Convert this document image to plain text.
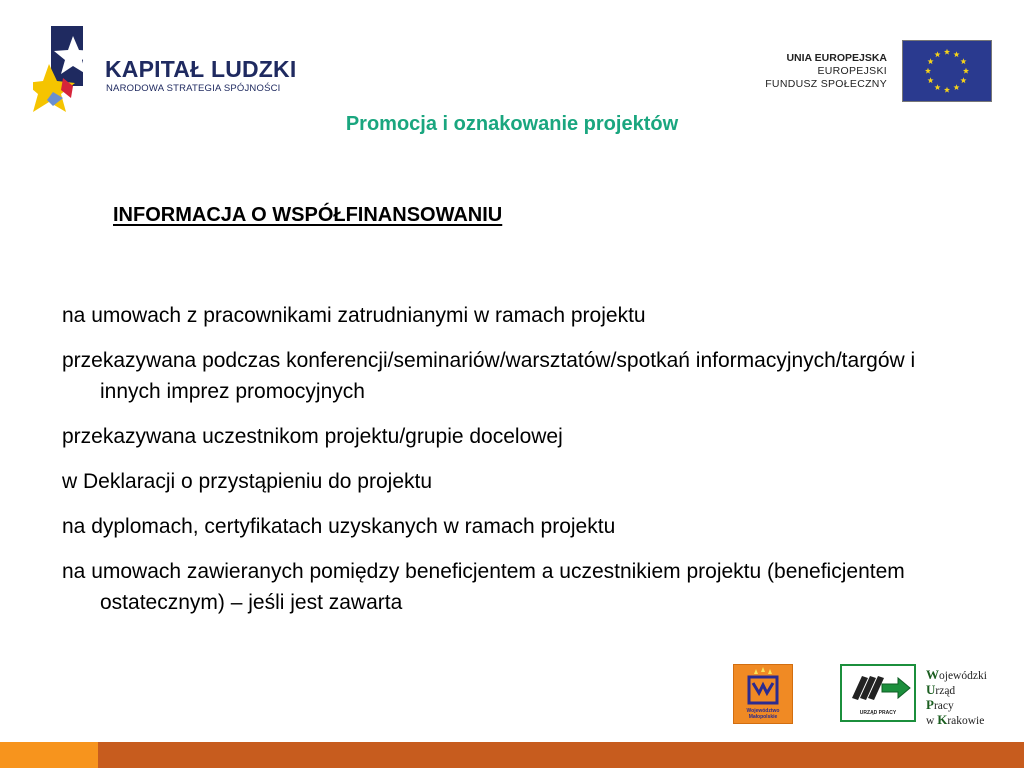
KAPITAŁ LUDZKI
NARODOWA STRATEGIA SPÓJNOŚCI
UNIA EUROPEJSKA
EUROPEJSKI
FUNDUSZ SPOŁECZNY
Promocja i oznakowanie projektów
INFORMACJA O WSPÓŁFINANSOWANIU
na umowach z pracownikami zatrudnianymi w ramach projektu
przekazywana podczas konferencji/seminariów/warsztatów/spotkań informacyjnych/targów i innych imprez promocyjnych
przekazywana uczestnikom projektu/grupie docelowej
w Deklaracji o przystąpieniu do projektu
na dyplomach, certyfikatach uzyskanych w ramach projektu
na umowach zawieranych pomiędzy beneficjentem a uczestnikiem projektu (beneficjentem ostatecznym) – jeśli jest zawarta
Województwo Małopolskie
URZĄD PRACY
Wojewódzki
Urząd
Pracy
w Krakowie
